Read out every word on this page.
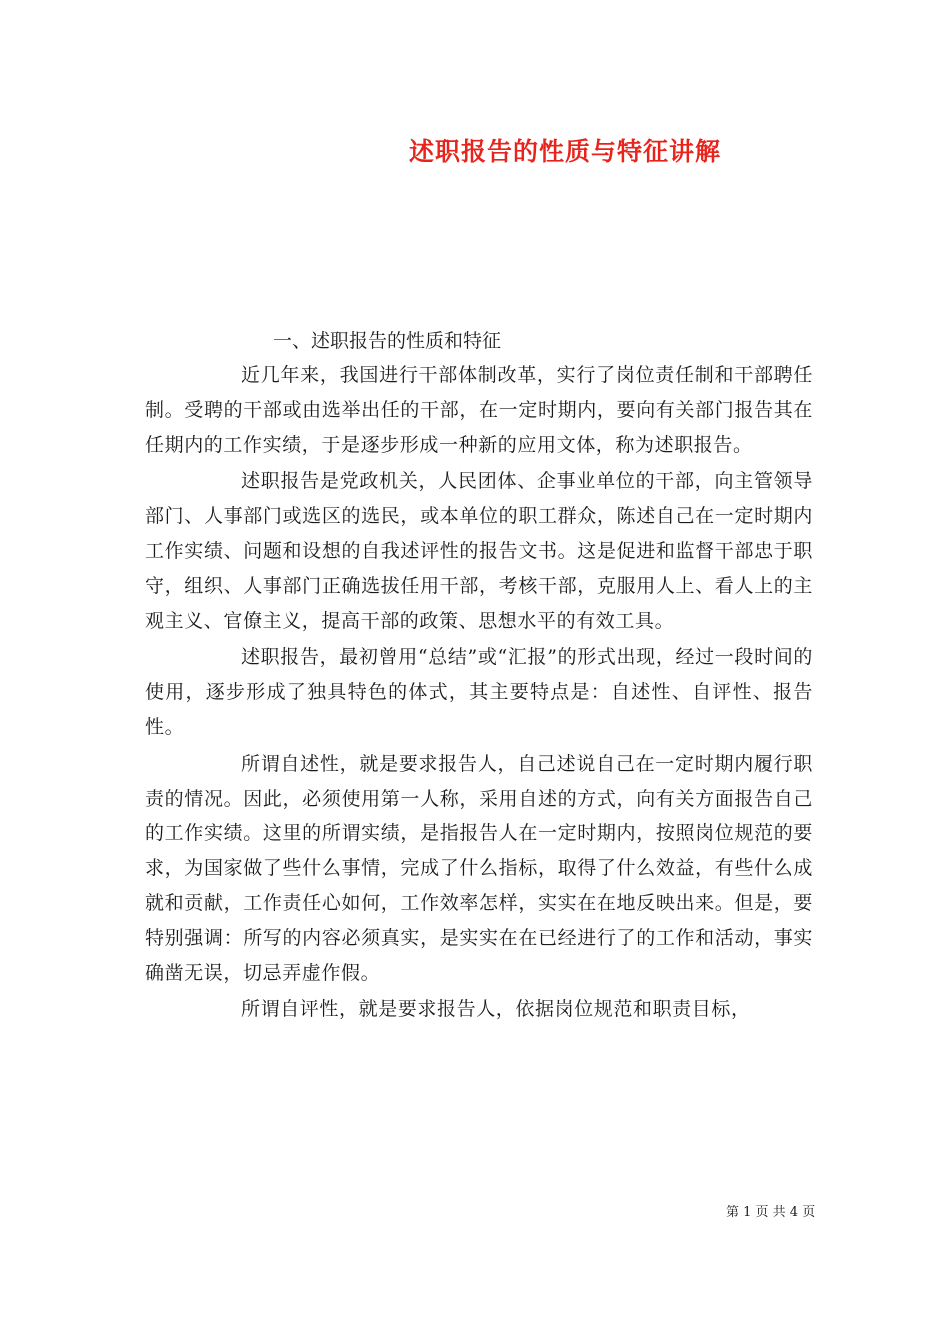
述职报告的性质与特征讲解

一、述职报告的性质和特征

近几年来，我国进行干部体制改革，实行了岗位责任制和干部聘任制。受聘的干部或由选举出任的干部，在一定时期内，要向有关部门报告其在任期内的工作实绩，于是逐步形成一种新的应用文体，称为述职报告。

述职报告是党政机关，人民团体、企事业单位的干部，向主管领导部门、人事部门或选区的选民，或本单位的职工群众，陈述自己在一定时期内工作实绩、问题和设想的自我述评性的报告文书。这是促进和监督干部忠于职守，组织、人事部门正确选拔任用干部，考核干部，克服用人上、看人上的主观主义、官僚主义，提高干部的政策、思想水平的有效工具。

述职报告，最初曾用“总结”或“汇报”的形式出现，经过一段时间的使用，逐步形成了独具特色的体式，其主要特点是：自述性、自评性、报告性。

所谓自述性，就是要求报告人，自己述说自己在一定时期内履行职责的情况。因此，必须使用第一人称，采用自述的方式，向有关方面报告自己的工作实绩。这里的所谓实绩，是指报告人在一定时期内，按照岗位规范的要求，为国家做了些什么事情，完成了什么指标，取得了什么效益，有些什么成就和贡献，工作责任心如何，工作效率怎样，实实在在地反映出来。但是，要特别强调：所写的内容必须真实，是实实在在已经进行了的工作和活动，事实确凿无误，切忌弄虚作假。

所谓自评性，就是要求报告人，依据岗位规范和职责目标，

第 1 页 共 4 页
